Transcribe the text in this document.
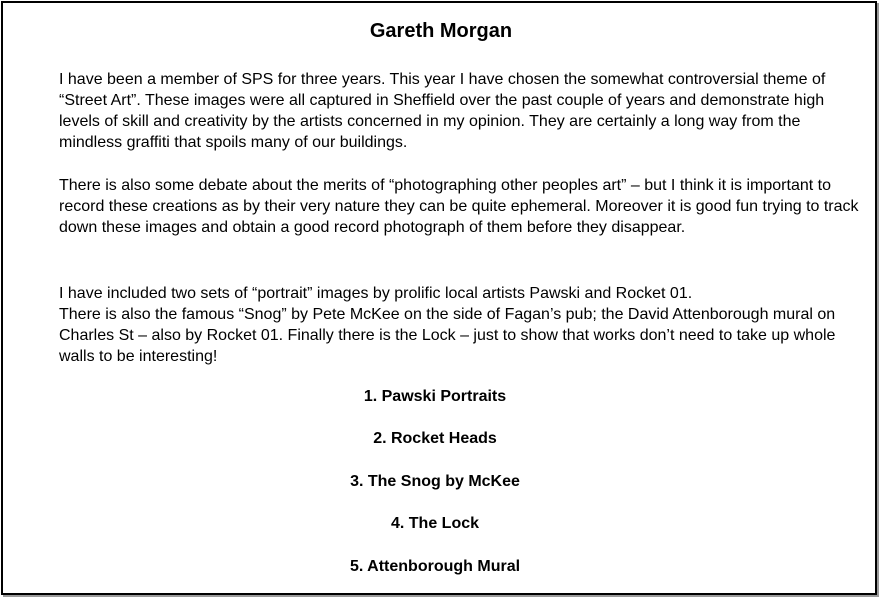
Gareth Morgan

I have been a member of SPS for three years. This year I have chosen the somewhat controversial theme of “Street Art”. These images were all captured in Sheffield over the past couple of years and demonstrate high levels of skill and creativity by the artists concerned in my opinion. They are certainly a long way from the mindless graffiti that spoils many of our buildings.

There is also some debate about the merits of “photographing other peoples art” – but I think it is important to record these creations as by their very nature they can be quite ephemeral. Moreover it is good fun trying to track down these images and obtain a good record photograph of them before they disappear.

I have included two sets of “portrait” images by prolific local artists Pawski and Rocket 01.
There is also the famous “Snog” by Pete McKee on the side of Fagan’s pub; the David Attenborough mural on Charles St – also by Rocket 01. Finally there is the Lock – just to show that works don’t need to take up whole walls to be interesting!

1. Pawski Portraits

2. Rocket Heads

3. The Snog by McKee

4. The Lock

5. Attenborough Mural
